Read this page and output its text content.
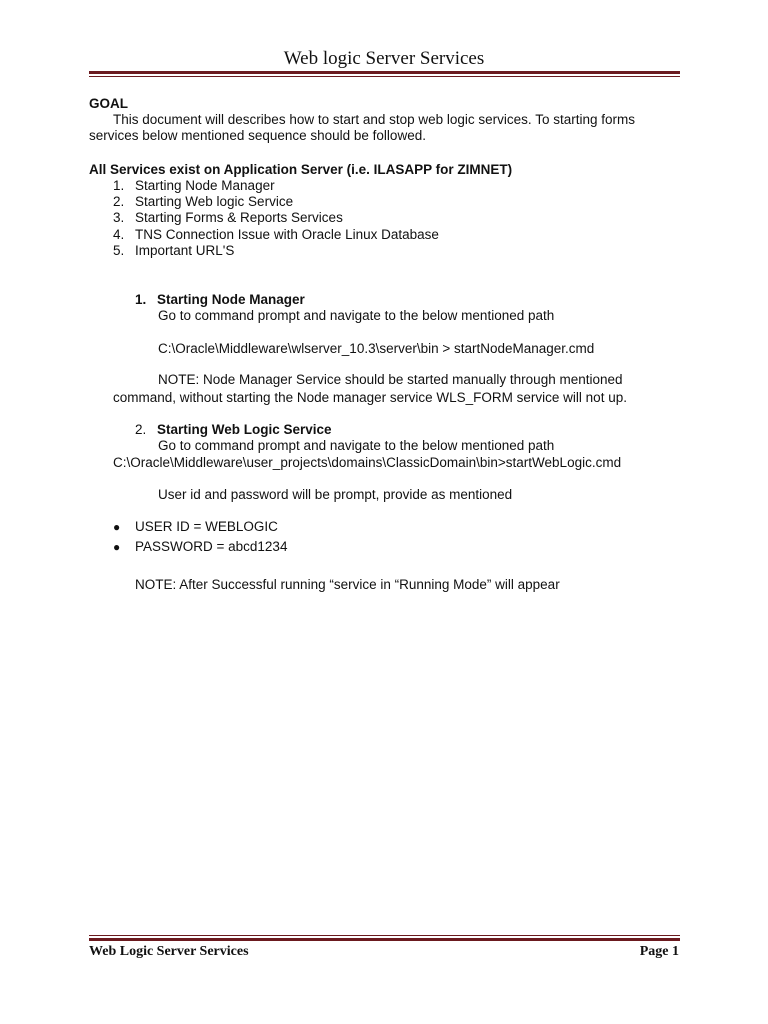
Web logic Server Services
GOAL
This document will describes how to start and stop web logic services. To starting forms
services below mentioned sequence should be followed.
All Services exist on Application Server (i.e. ILASAPP for ZIMNET)
1. Starting Node Manager
2. Starting Web logic Service
3. Starting Forms & Reports Services
4. TNS Connection Issue with Oracle Linux Database
5. Important URL'S
1. Starting Node Manager
Go to command prompt and navigate to the below mentioned path
C:\Oracle\Middleware\wlserver_10.3\server\bin > startNodeManager.cmd
NOTE: Node Manager Service should be started manually through mentioned
command, without starting the Node manager service WLS_FORM service will not up.
2. Starting Web Logic Service
Go to command prompt and navigate to the below mentioned path
C:\Oracle\Middleware\user_projects\domains\ClassicDomain\bin>startWebLogic.cmd
User id and password will be prompt, provide as mentioned
● USER ID = WEBLOGIC
● PASSWORD = abcd1234
NOTE: After Successful running “service in “Running Mode” will appear
Web Logic Server Services	Page 1
